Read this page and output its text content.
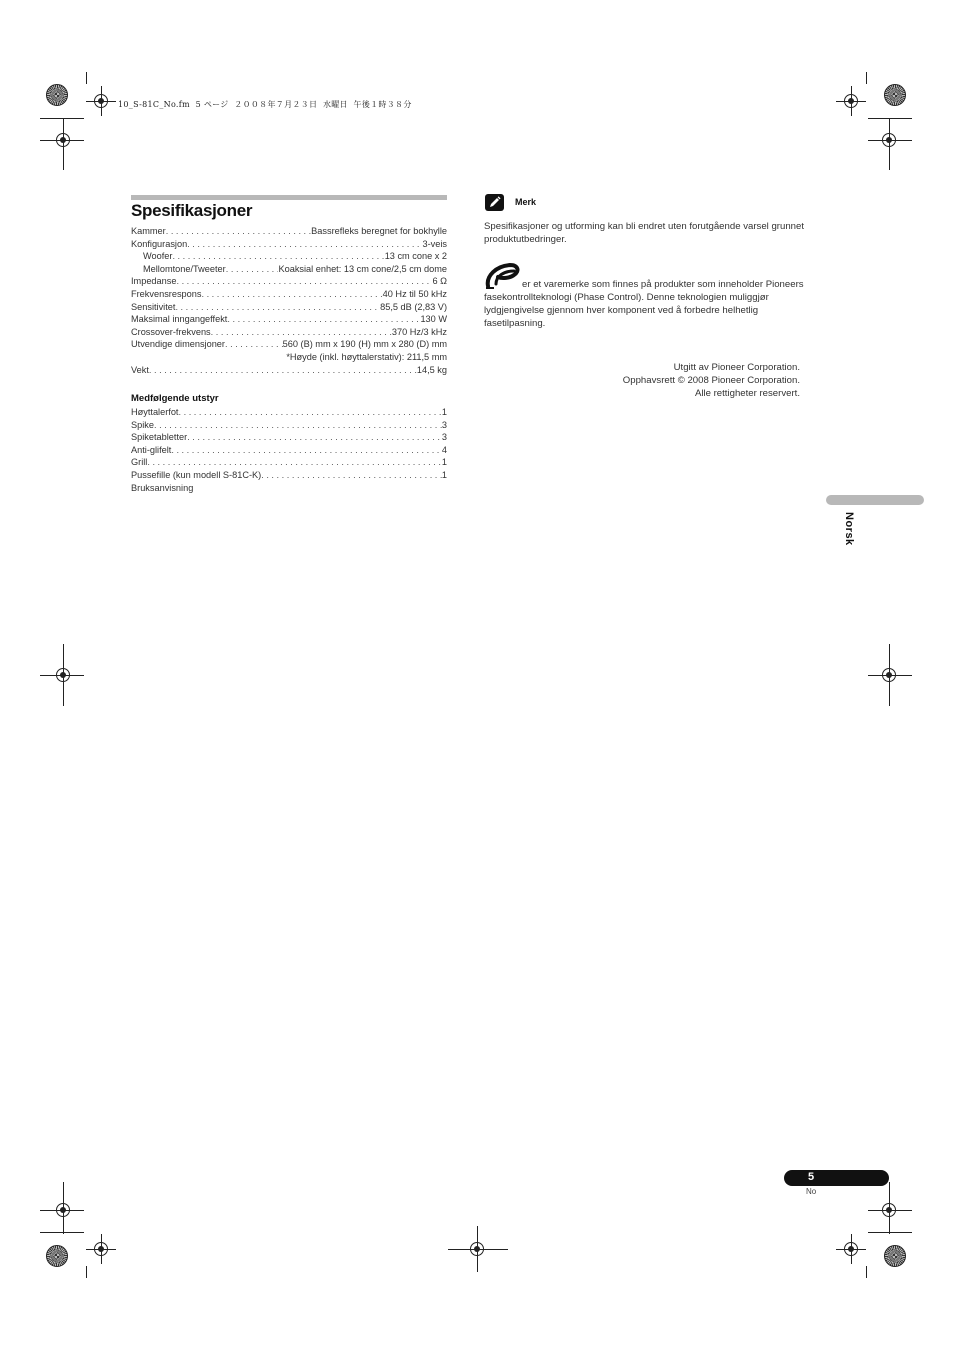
10_S-81C_No.fm  5 ページ  ２００８年７月２３日  水曜日  午後１時３８分
Spesifikasjoner
Kammer . . .	Bassrefleks beregnet for bokhylle
Konfigurasjon . . .	3-veis
Woofer . . .	13 cm cone x 2
Mellomtone/Tweeter . . .	Koaksial enhet: 13 cm cone/2,5 cm dome
Impedanse . . .	6 Ω
Frekvensrespons . . .	40 Hz til 50 kHz
Sensitivitet . . .	85,5 dB (2,83 V)
Maksimal inngangeffekt . . .	130 W
Crossover-frekvens . . .	370 Hz/3 kHz
Utvendige dimensjoner . . .	560 (B) mm x 190 (H) mm x 280 (D) mm
*Høyde (inkl. høyttalerstativ): 211,5 mm
Vekt . . .	14,5 kg
Medfølgende utstyr
Høyttalerfot . . .	1
Spike . . .	3
Spiketabletter . . .	3
Anti-glifelt . . .	4
Grill . . .	1
Pussefille (kun modell S-81C-K) . . .	1
Bruksanvisning
Merk
Spesifikasjoner og utforming kan bli endret uten forutgående varsel grunnet produktutbedringer.
er et varemerke som finnes på produkter som inneholder Pioneers fasekontrollteknologi (Phase Control). Denne teknologien muliggjør lydgjengivelse gjennom hver komponent ved å forbedre helhetlig fasetilpasning.
Utgitt av Pioneer Corporation.
Opphavsrett © 2008 Pioneer Corporation.
Alle rettigheter reservert.
Norsk
5
No
